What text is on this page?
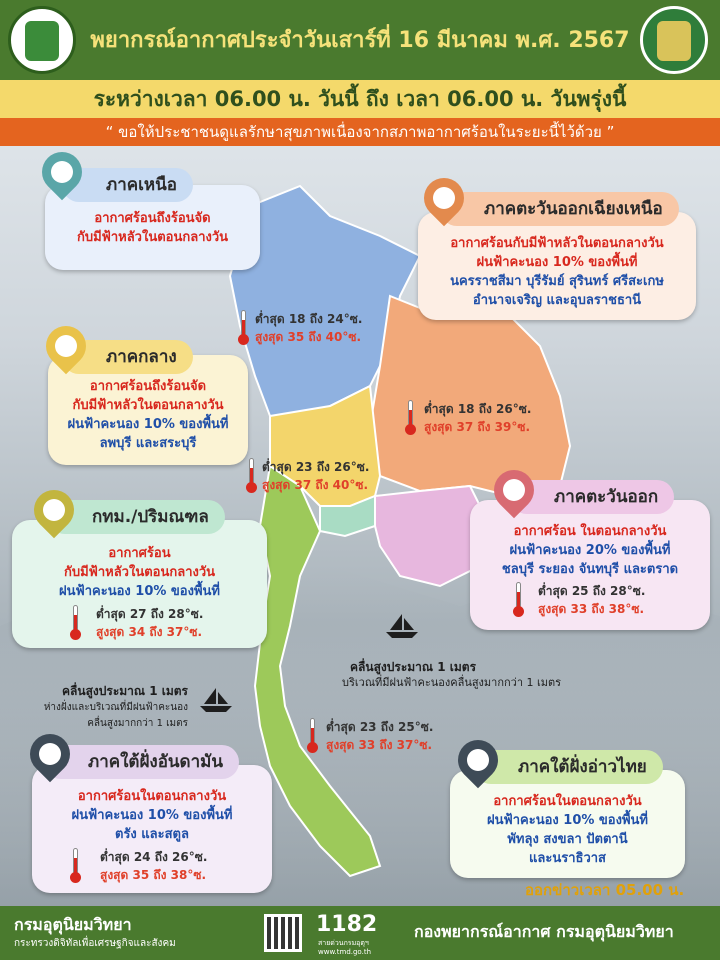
พยากรณ์อากาศประจำวันเสาร์ที่ 16 มีนาคม พ.ศ. 2567
ระหว่างเวลา 06.00 น. วันนี้ ถึง เวลา 06.00 น. วันพรุ่งนี้
“ ขอให้ประชาชนดูแลรักษาสุขภาพเนื่องจากสภาพอากาศร้อนในระยะนี้ไว้ด้วย ”
อากาศร้อนถึงร้อนจัด
กับมีฟ้าหลัวในตอนกลางวัน
ภาคเหนือ
อากาศร้อนกับมีฟ้าหลัวในตอนกลางวัน
ฝนฟ้าคะนอง 10% ของพื้นที่
นครราชสีมา บุรีรัมย์ สุรินทร์ ศรีสะเกษ
อำนาจเจริญ และอุบลราชธานี
ภาคตะวันออกเฉียงเหนือ
อากาศร้อนถึงร้อนจัด
กับมีฟ้าหลัวในตอนกลางวัน
ฝนฟ้าคะนอง 10% ของพื้นที่
ลพบุรี และสระบุรี
ภาคกลาง
อากาศร้อน
กับมีฟ้าหลัวในตอนกลางวัน
ฝนฟ้าคะนอง 10% ของพื้นที่
กทม./ปริมณฑล
อากาศร้อน ในตอนกลางวัน
ฝนฟ้าคะนอง 20% ของพื้นที่
ชลบุรี ระยอง จันทบุรี และตราด
ภาคตะวันออก
อากาศร้อนในตอนกลางวัน
ฝนฟ้าคะนอง 10% ของพื้นที่
ตรัง และสตูล
ภาคใต้ฝั่งอันดามัน
อากาศร้อนในตอนกลางวัน
ฝนฟ้าคะนอง 10% ของพื้นที่
พัทลุง สงขลา ปัตตานี
และนราธิวาส
ภาคใต้ฝั่งอ่าวไทย
ต่ำสุด 18 ถึง 24°ซ.
สูงสุด 35 ถึง 40°ซ.
ต่ำสุด 18 ถึง 26°ซ.
สูงสุด 37 ถึง 39°ซ.
ต่ำสุด 23 ถึง 26°ซ.
สูงสุด 37 ถึง 40°ซ.
ต่ำสุด 27 ถึง 28°ซ.
สูงสุด 34 ถึง 37°ซ.
ต่ำสุด 25 ถึง 28°ซ.
สูงสุด 33 ถึง 38°ซ.
ต่ำสุด 23 ถึง 25°ซ.
สูงสุด 33 ถึง 37°ซ.
ต่ำสุด 24 ถึง 26°ซ.
สูงสุด 35 ถึง 38°ซ.
คลื่นสูงประมาณ 1 เมตร
บริเวณที่มีฝนฟ้าคะนองคลื่นสูงมากกว่า 1 เมตร
คลื่นสูงประมาณ 1 เมตร
ห่างฝั่งและบริเวณที่มีฝนฟ้าคะนอง
คลื่นสูงมากกว่า 1 เมตร
ออกข่าวเวลา 05.00 น.
กรมอุตุนิยมวิทยา
กระทรวงดิจิทัลเพื่อเศรษฐกิจและสังคม
1182
สายด่วนกรมอุตุฯ
www.tmd.go.th
กองพยากรณ์อากาศ กรมอุตุนิยมวิทยา
